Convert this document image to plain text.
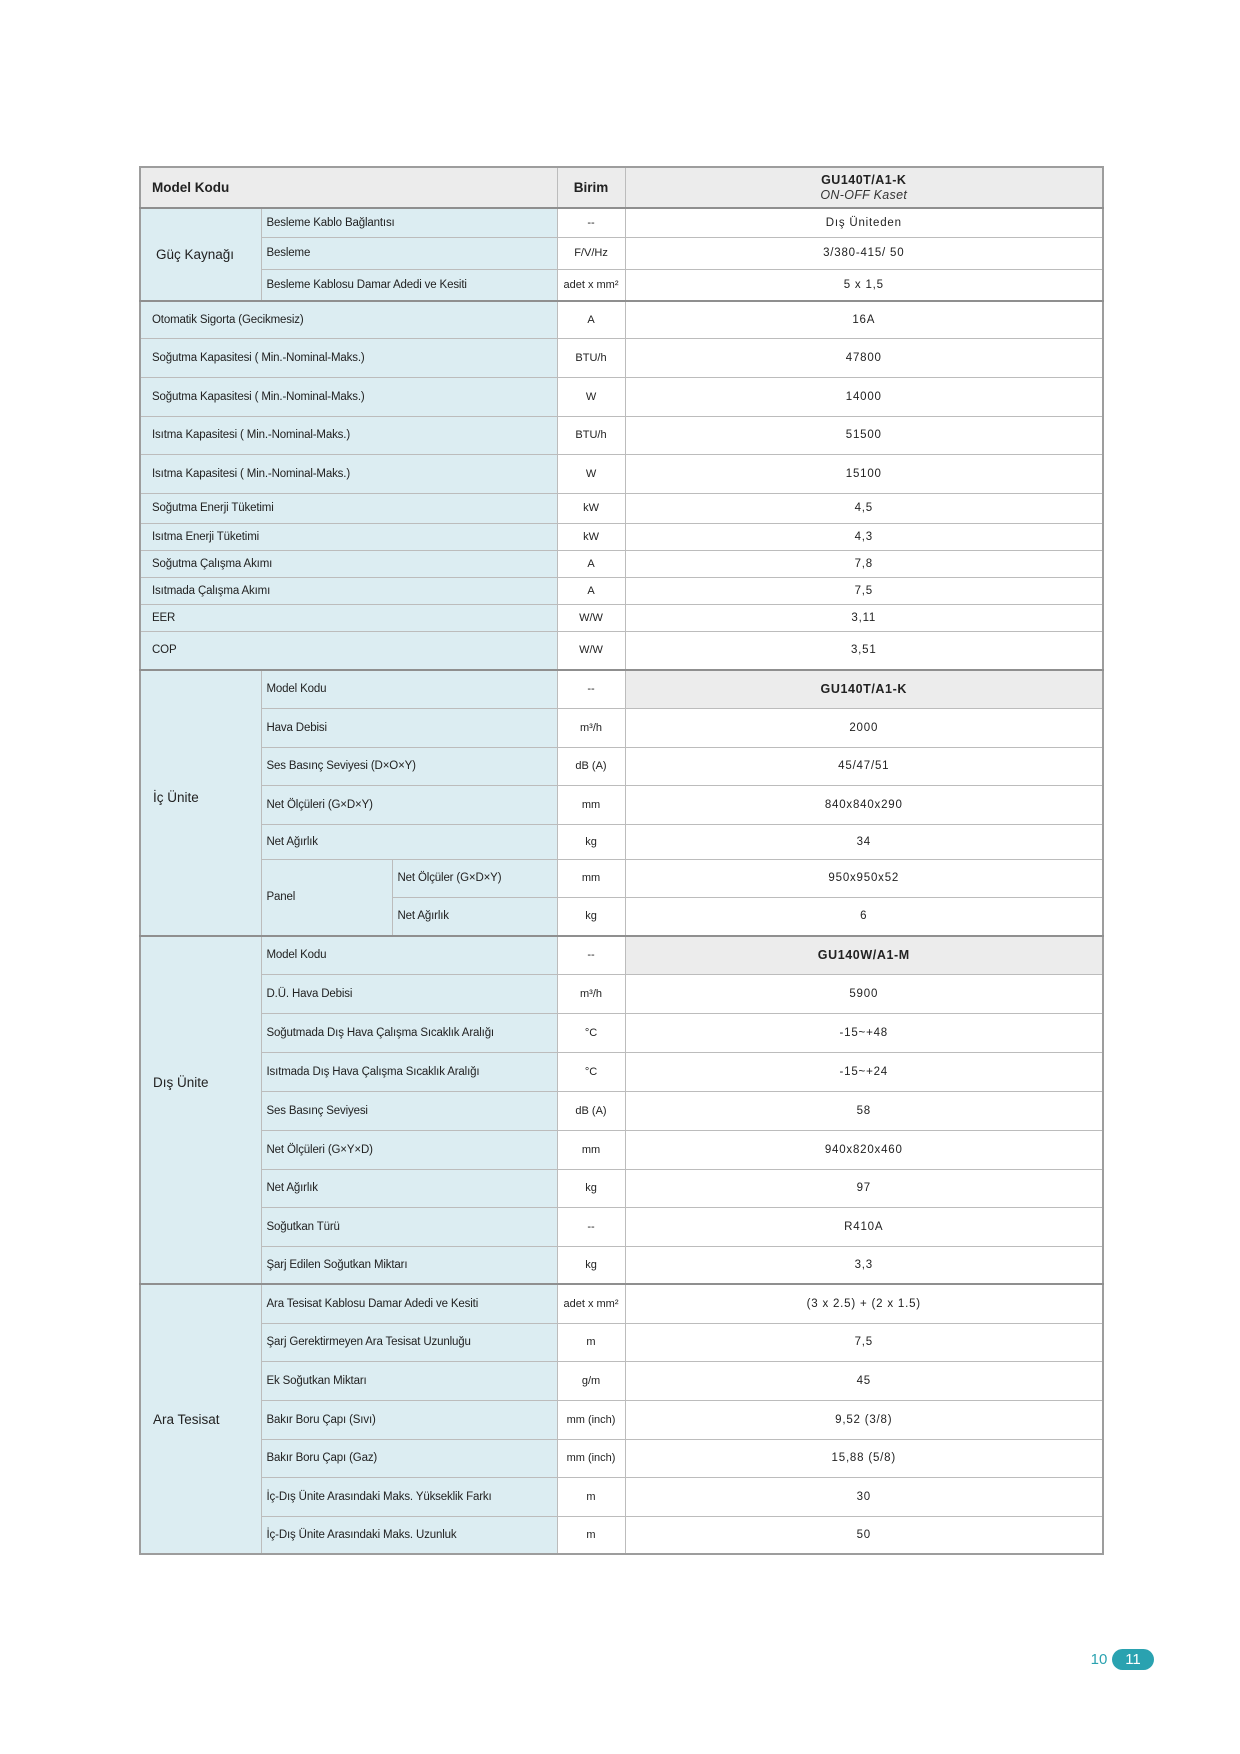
Model Kodu			Birim	GU140T/A1-K
ON-OFF Kaset

Güç Kaynağı	Besleme Kablo Bağlantısı		--	Dış Üniteden
	Besleme		F/V/Hz	3/380-415/ 50
	Besleme Kablosu Damar Adedi ve Kesiti		adet x mm²	5 x 1,5
Otomatik Sigorta (Gecikmesiz)			A	16A
Soğutma Kapasitesi ( Min.-Nominal-Maks.)			BTU/h	47800
Soğutma Kapasitesi ( Min.-Nominal-Maks.)			W	14000
Isıtma Kapasitesi ( Min.-Nominal-Maks.)			BTU/h	51500
Isıtma Kapasitesi ( Min.-Nominal-Maks.)			W	15100
Soğutma Enerji Tüketimi			kW	4,5
Isıtma Enerji Tüketimi			kW	4,3
Soğutma Çalışma Akımı			A	7,8
Isıtmada Çalışma Akımı			A	7,5
EER			W/W	3,11
COP			W/W	3,51
İç Ünite	Model Kodu		--	GU140T/A1-K
	Hava Debisi		m³/h	2000
	Ses Basınç Seviyesi (D×O×Y)		dB (A)	45/47/51
	Net Ölçüleri (G×D×Y)		mm	840x840x290
	Net Ağırlık		kg	34
	Panel	Net Ölçüler (G×D×Y)	mm	950x950x52
		Net Ağırlık	kg	6
Dış Ünite	Model Kodu		--	GU140W/A1-M
	D.Ü. Hava Debisi		m³/h	5900
	Soğutmada Dış Hava Çalışma Sıcaklık Aralığı		°C	-15~+48
	Isıtmada Dış Hava Çalışma Sıcaklık Aralığı		°C	-15~+24
	Ses Basınç Seviyesi		dB (A)	58
	Net Ölçüleri (G×Y×D)		mm	940x820x460
	Net Ağırlık		kg	97
	Soğutkan Türü		--	R410A
	Şarj Edilen Soğutkan Miktarı		kg	3,3
Ara Tesisat	Ara Tesisat Kablosu Damar Adedi ve Kesiti		adet x mm²	(3 x 2.5) + (2 x 1.5)
	Şarj Gerektirmeyen Ara Tesisat Uzunluğu		m	7,5
	Ek Soğutkan Miktarı		g/m	45
	Bakır Boru Çapı (Sıvı)		mm (inch)	9,52 (3/8)
	Bakır Boru Çapı (Gaz)		mm (inch)	15,88 (5/8)
	İç-Dış Ünite Arasındaki Maks. Yükseklik Farkı		m	30
	İç-Dış Ünite Arasındaki Maks. Uzunluk		m	50
10	11
